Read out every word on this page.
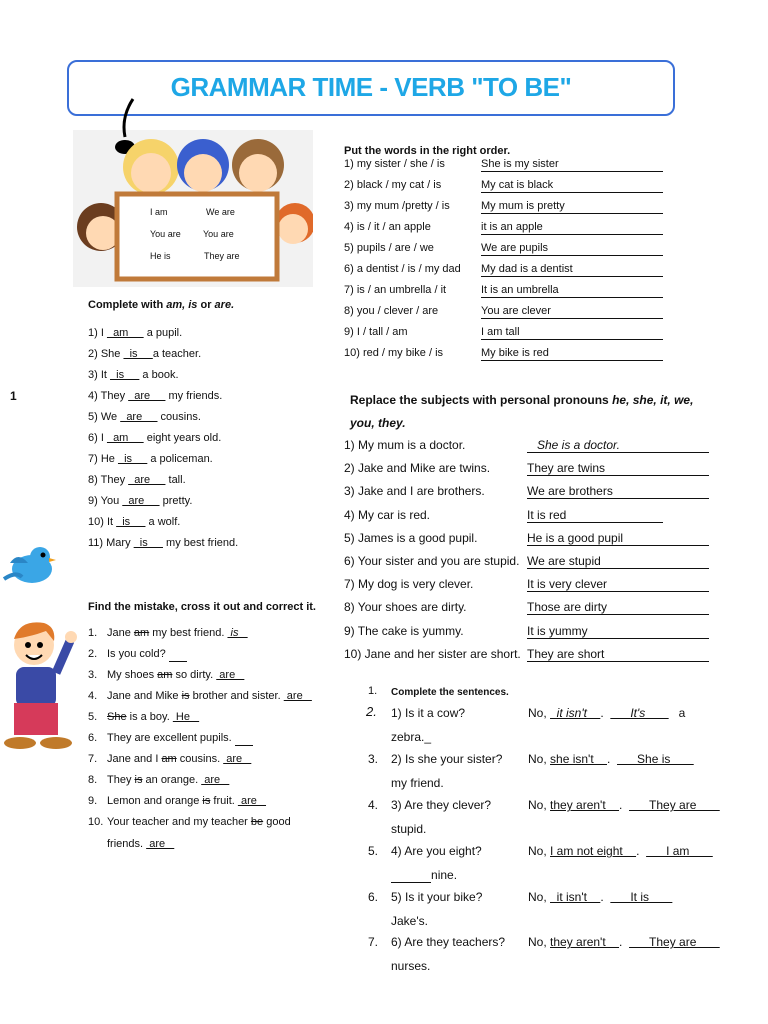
GRAMMAR TIME - VERB "TO BE"
1
I am	We are
You are You are
He is	They are
Complete with am, is or are.
1) I   am      a pupil.
2) She   is     a teacher.
3) It   is      a book.
4) They   are      my friends.
5) We   are      cousins.
6) I   am      eight years old.
7) He   is      a policeman.
8) They   are      tall.
9) You   are      pretty.
10) It   is      a wolf.
11) Mary   is      my best friend.
Put the words in the right order.
1) my sister / she / is	She is my sister
2) black / my cat / is	My cat is black
3) my mum /pretty / is	My mum is pretty
4) is / it / an apple	it is an apple
5) pupils / are / we	We are pupils
6) a dentist / is / my dad My dad is a dentist
7) is / an umbrella / it	It is an umbrella
8) you / clever / are	You are clever
9) I / tall / am	I am tall
10) red / my bike / is	My bike is red
Replace the subjects with personal pronouns he, she, it, we,
you, they.
1) My mum is a doctor.	She is a doctor.
2) Jake and Mike are twins.	They are twins
3) Jake and I are brothers.	We are brothers
4) My car is red.	It is red
5) James is a good pupil.	He is a good pupil
6) Your sister and you are stupid. We are stupid
7) My dog is very clever.	It is very clever
8) Your shoes are dirty.	Those are dirty
9) The cake is yummy.	It is yummy
10) Jane and her sister are short. They are short
Find the mistake, cross it out and correct it.
1. Jane am my best friend.  is
2. Is you cold?
3. My shoes am so dirty.  are
4. Jane and Mike is brother and sister.  are
5. She is a boy.  He
6. They are excellent pupils.
7. Jane and I am cousins.  are
8. They is an orange.  are
9. Lemon and orange is fruit.  are
10. Your teacher and my teacher be good
friends.  are
1. Complete the sentences.
2. 1) Is it a cow?	No,   it isn't    .        It's          a
zebra._
3. 2) Is she your sister? No, she isn't    .        She is
my friend.
4. 3) Are they clever?	No, they aren't    .        They are
stupid.
5. 4) Are you eight?	No, I am not eight    .        I am
nine.
6. 5) Is it your bike?	No,   it isn't    .        It is
Jake's.
7. 6) Are they teachers? No, they aren't    .        They are
nurses.
